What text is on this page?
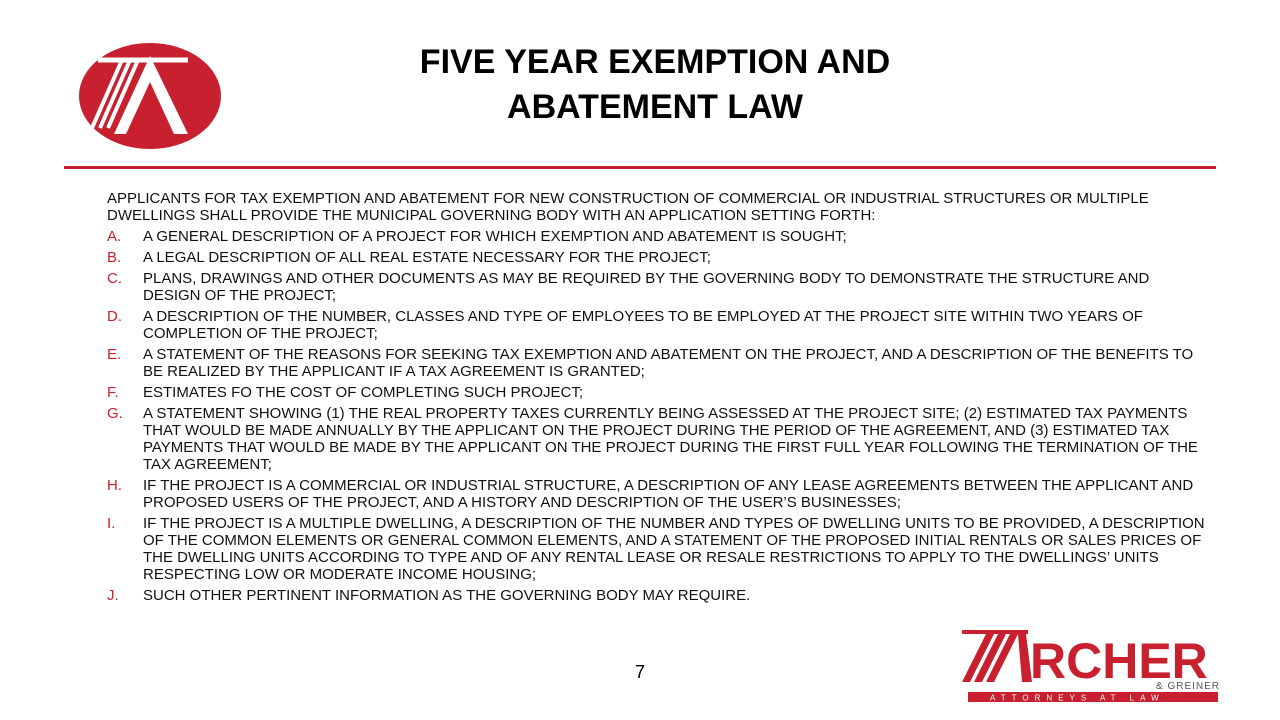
FIVE YEAR EXEMPTION AND
ABATEMENT LAW

APPLICANTS FOR TAX EXEMPTION AND ABATEMENT FOR NEW CONSTRUCTION OF COMMERCIAL OR INDUSTRIAL STRUCTURES OR MULTIPLE DWELLINGS SHALL PROVIDE THE MUNICIPAL GOVERNING BODY WITH AN APPLICATION SETTING FORTH:

A. A GENERAL DESCRIPTION OF A PROJECT FOR WHICH EXEMPTION AND ABATEMENT IS SOUGHT;
B. A LEGAL DESCRIPTION OF ALL REAL ESTATE NECESSARY FOR THE PROJECT;
C. PLANS, DRAWINGS AND OTHER DOCUMENTS AS MAY BE REQUIRED BY THE GOVERNING BODY TO DEMONSTRATE THE STRUCTURE AND DESIGN OF THE PROJECT;
D. A DESCRIPTION OF THE NUMBER, CLASSES AND TYPE OF EMPLOYEES TO BE EMPLOYED AT THE PROJECT SITE WITHIN TWO YEARS OF COMPLETION OF THE PROJECT;
E. A STATEMENT OF THE REASONS FOR SEEKING TAX EXEMPTION AND ABATEMENT ON THE PROJECT, AND A DESCRIPTION OF THE BENEFITS TO BE REALIZED BY THE APPLICANT IF A TAX AGREEMENT IS GRANTED;
F. ESTIMATES FO THE COST OF COMPLETING SUCH PROJECT;
G. A STATEMENT SHOWING (1) THE REAL PROPERTY TAXES CURRENTLY BEING ASSESSED AT THE PROJECT SITE; (2) ESTIMATED TAX PAYMENTS THAT WOULD BE MADE ANNUALLY BY THE APPLICANT ON THE PROJECT DURING THE PERIOD OF THE AGREEMENT, AND (3) ESTIMATED TAX PAYMENTS THAT WOULD BE MADE BY THE APPLICANT ON THE PROJECT DURING THE FIRST FULL YEAR FOLLOWING THE TERMINATION OF THE TAX AGREEMENT;
H. IF THE PROJECT IS A COMMERCIAL OR INDUSTRIAL STRUCTURE, A DESCRIPTION OF ANY LEASE AGREEMENTS BETWEEN THE APPLICANT AND PROPOSED USERS OF THE PROJECT, AND A HISTORY AND DESCRIPTION OF THE USER’S BUSINESSES;
I. IF THE PROJECT IS A MULTIPLE DWELLING, A DESCRIPTION OF THE NUMBER AND TYPES OF DWELLING UNITS TO BE PROVIDED, A DESCRIPTION OF THE COMMON ELEMENTS OR GENERAL COMMON ELEMENTS, AND A STATEMENT OF THE PROPOSED INITIAL RENTALS OR SALES PRICES OF THE DWELLING UNITS ACCORDING TO TYPE AND OF ANY RENTAL LEASE OR RESALE RESTRICTIONS TO APPLY TO THE DWELLINGS’ UNITS RESPECTING LOW OR MODERATE INCOME HOUSING;
J. SUCH OTHER PERTINENT INFORMATION AS THE GOVERNING BODY MAY REQUIRE.
7	RCHER
& GREINER
ATTORNEYS AT LAW
